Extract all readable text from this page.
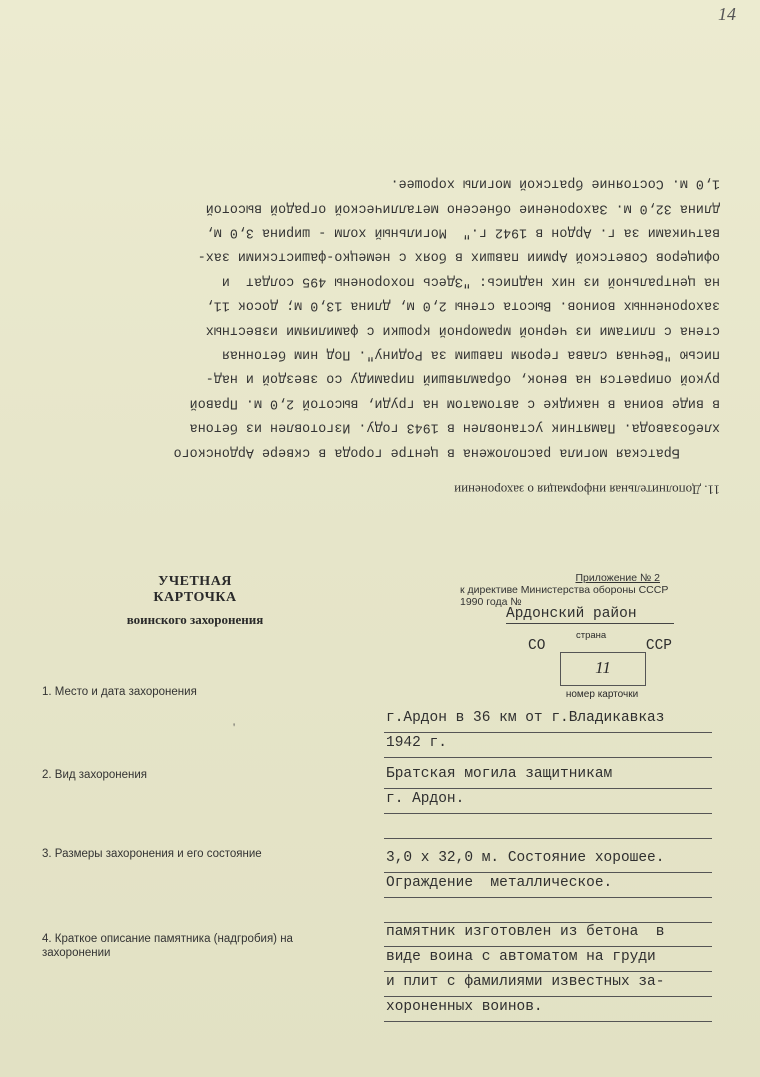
14
11. Дополнительная информация о захоронении
Братская могила расположена в центре города в сквере Ардонского
хлебозавода. Памятник установлен в 1943 году. Изготовлен из бетона
в виде воина в накидке с автоматом на груди, высотой 2,0 м. Правой
рукой опирается на венок, обрамлявший пирамиду со звездой и над-
писью "Вечная слава героям павшим за Родину". Под ним бетонная
стена с плитами из черной мраморной крошки с фамилиями известных
захороненных воинов. Высота стены 2,0 м, длина 13,0 м; досок 11,
на центральной из них надпись: "Здесь похоронены 495 солдат  и
офицеров Советской Армии павших в боях с немецко-фашистскими зах-
ватчиками за г. Ардон в 1942 г."  Могильный холм - ширина 3,0 м,
длина 32,0 м. Захоронение обнесено металлической оградой высотой
1,0 м. Состояние братской могилы хорошее.
УЧЕТНАЯ КАРТОЧКА
воинского захоронения
Приложение № 2
к директиве Министерства обороны СССР
1990 года №
Ардонский район
СО
страна
ССР
11
номер карточки
1. Место и дата захоронения
2. Вид захоронения
3. Размеры захоронения и его состояние
4. Краткое описание памятника (надгробия) на захоронении
'
г.Ардон в 36 км от г.Владикавказ
1942 г.
Братская могила защитникам
г. Ардон.
3,0 х 32,0 м. Состояние хорошее.
Ограждение  металлическое.
памятник изготовлен из бетона  в
виде воина с автоматом на груди
и плит с фамилиями известных за-
хороненных воинов.
